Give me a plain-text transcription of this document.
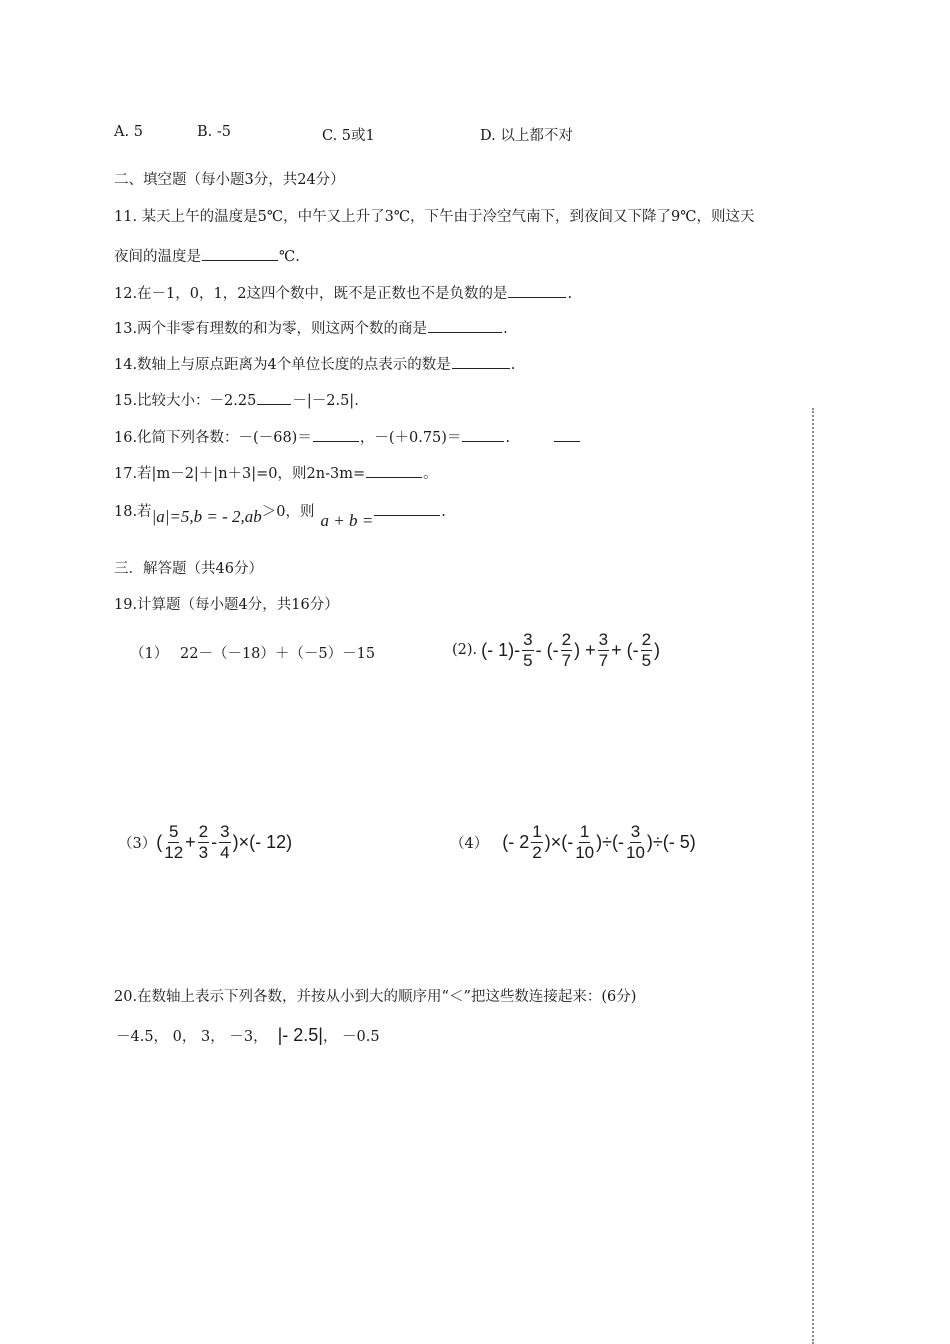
A. 5	B. -5	C. 5或1	D. 以上都不对
二、填空题（每小题3分，共24分）
11. 某天上午的温度是5℃，中午又上升了3℃，下午由于冷空气南下，到夜间又下降了9℃，则这天
夜间的温度是	℃.
12.在－1，0，1，2这四个数中，既不是正数也不是负数的是	.
13.两个非零有理数的和为零，则这两个数的商是	.
14.数轴上与原点距离为4个单位长度的点表示的数是	.
15.比较大小：－2.25 －|－2.5|.
16.化简下列各数：－(－68)＝	，－(＋0.75)＝	.
17.若|m－2|＋|n＋3|=0，则2n-3m=	。
18.若|a|=5,b = - 2,ab＞0，则 a + b =	.
三．解答题（共46分）
19.计算题（每小题4分，共16分）
（1） 22－（－18）＋（－5）－15	(2). (- $1)- \frac{3}{5}$ - (- $\frac{2}{7}$ ) + $\frac{3}{7}$ + (- $\frac{2}{5}$ )
（3） ( $\frac{5}{12} + \frac{2}{3} - \frac{3}{4}$ )×(- 12)	（4） (- $2 \frac{1}{2}$ )×(- $\frac{1}{10}$ )÷(- $\frac{3}{10}$ )÷(- 5)
20.在数轴上表示下列各数，并按从小到大的顺序用“＜”把这些数连接起来：(6分)
－4.5， 0， 3， －3， |- 2.5| ， －0.5
